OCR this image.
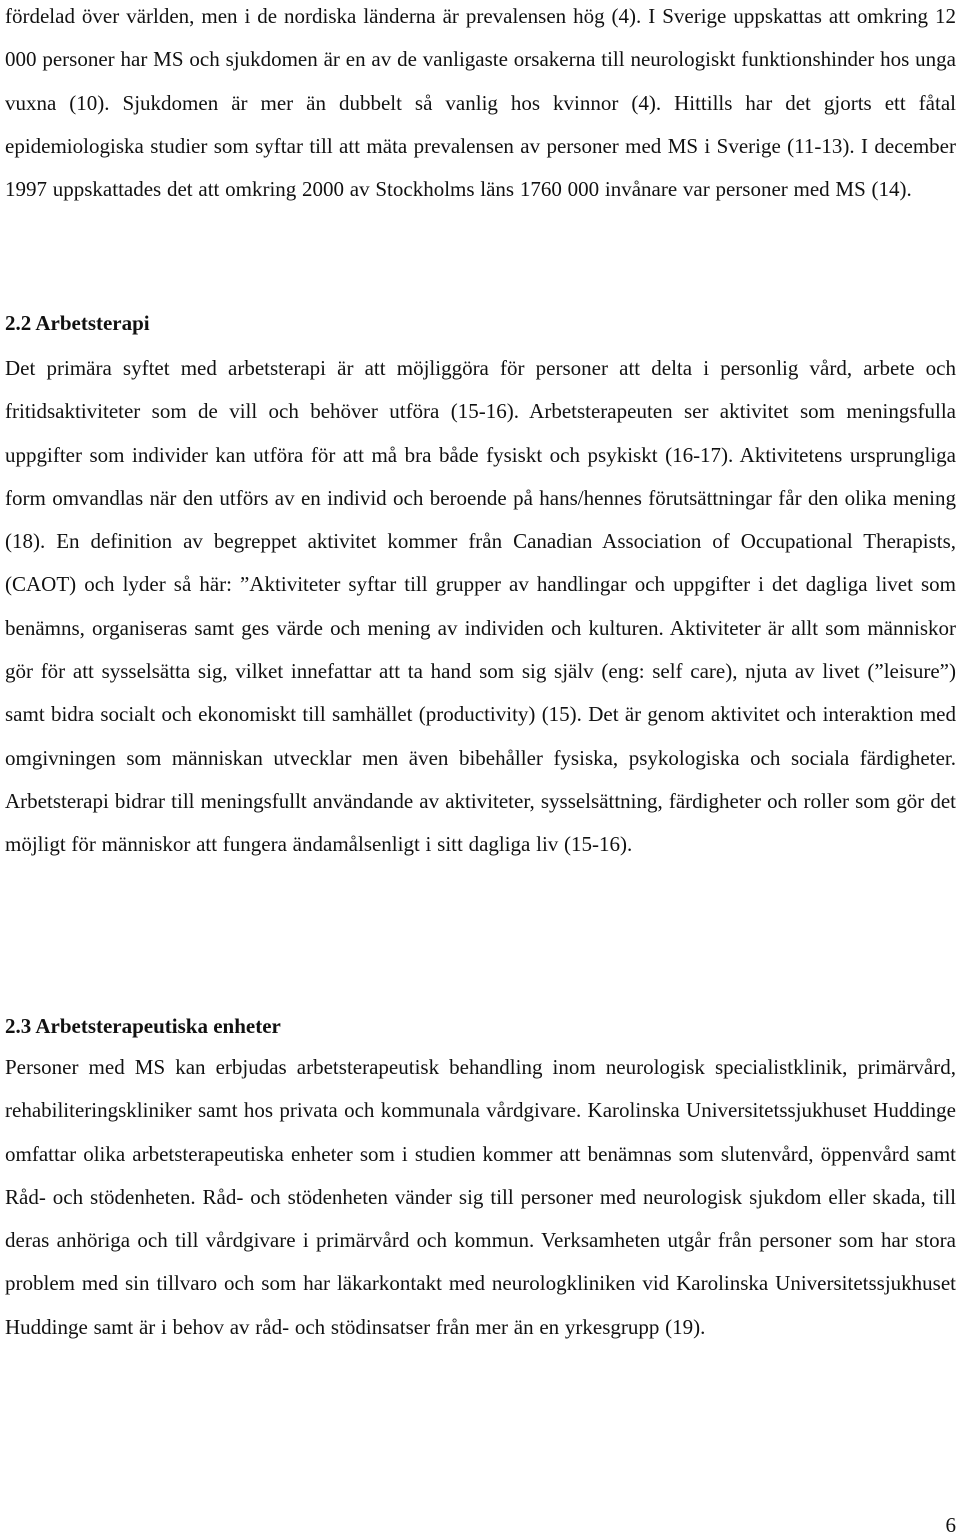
fördelad över världen, men i de nordiska länderna är prevalensen hög (4). I Sverige uppskattas att omkring 12 000 personer har MS och sjukdomen är en av de vanligaste orsakerna till neurologiskt funktionshinder hos unga vuxna (10). Sjukdomen är mer än dubbelt så vanlig hos kvinnor (4). Hittills har det gjorts ett fåtal epidemiologiska studier som syftar till att mäta prevalensen av personer med MS i Sverige (11-13). I december 1997 uppskattades det att omkring 2000 av Stockholms läns 1760 000 invånare var personer med MS (14).

2.2 Arbetsterapi

Det primära syftet med arbetsterapi är att möjliggöra för personer att delta i personlig vård, arbete och fritidsaktiviteter som de vill och behöver utföra (15-16). Arbetsterapeuten ser aktivitet som meningsfulla uppgifter som individer kan utföra för att må bra både fysiskt och psykiskt (16-17). Aktivitetens ursprungliga form omvandlas när den utförs av en individ och beroende på hans/hennes förutsättningar får den olika mening (18). En definition av begreppet aktivitet kommer från Canadian Association of Occupational Therapists, (CAOT) och lyder så här: ”Aktiviteter syftar till grupper av handlingar och uppgifter i det dagliga livet som benämns, organiseras samt ges värde och mening av individen och kulturen. Aktiviteter är allt som människor gör för att sysselsätta sig, vilket innefattar att ta hand som sig själv (eng: self care), njuta av livet (”leisure”) samt bidra socialt och ekonomiskt till samhället (productivity) (15). Det är genom aktivitet och interaktion med omgivningen som människan utvecklar men även bibehåller fysiska, psykologiska och sociala färdigheter. Arbetsterapi bidrar till meningsfullt användande av aktiviteter, sysselsättning, färdigheter och roller som gör det möjligt för människor att fungera ändamålsenligt i sitt dagliga liv (15-16).

2.3 Arbetsterapeutiska enheter

Personer med MS kan erbjudas arbetsterapeutisk behandling inom neurologisk specialistklinik, primärvård, rehabiliteringskliniker samt hos privata och kommunala vårdgivare. Karolinska Universitetssjukhuset Huddinge omfattar olika arbetsterapeutiska enheter som i studien kommer att benämnas som slutenvård, öppenvård samt Råd- och stödenheten. Råd- och stödenheten vänder sig till personer med neurologisk sjukdom eller skada, till deras anhöriga och till vårdgivare i primärvård och kommun. Verksamheten utgår från personer som har stora problem med sin tillvaro och som har läkarkontakt med neurologkliniken vid Karolinska Universitetssjukhuset Huddinge samt är i behov av råd- och stödinsatser från mer än en yrkesgrupp (19).

6
